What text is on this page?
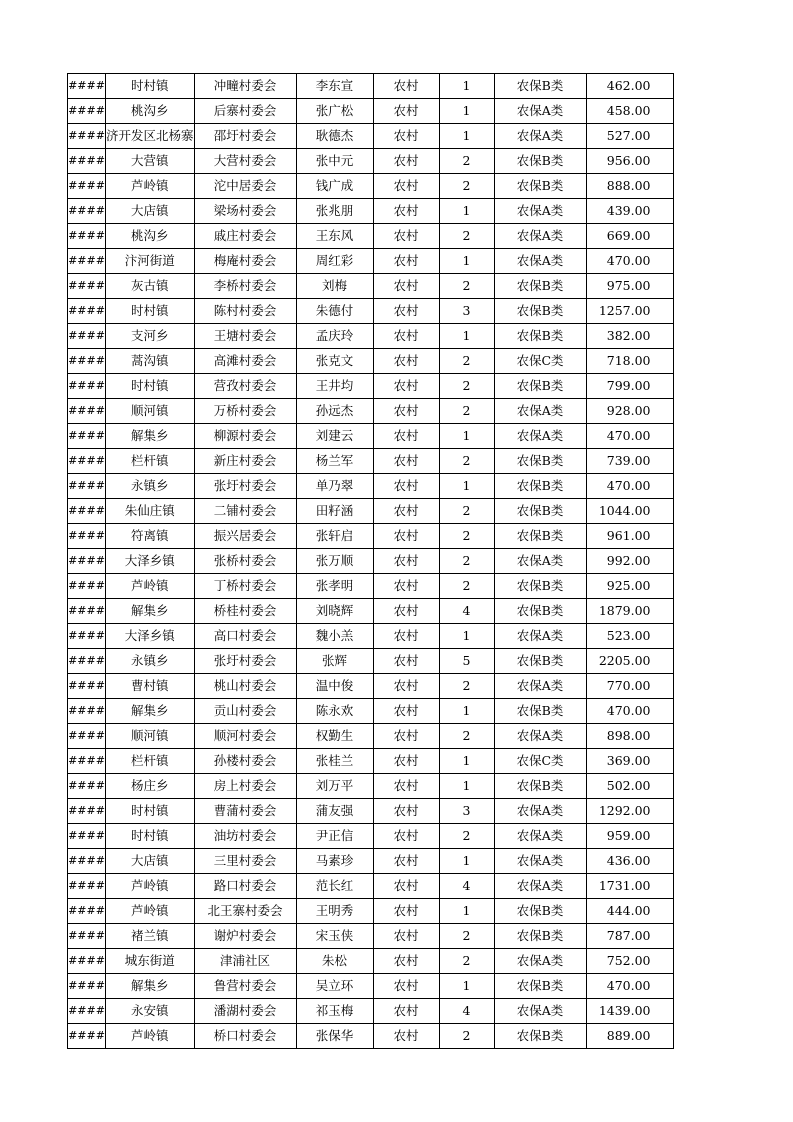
####	时村镇	冲疃村委会	李东宣	农村	1	农保B类	462.00
####	桃沟乡	后寨村委会	张广松	农村	1	农保A类	458.00
####	济开发区北杨寨	邵圩村委会	耿德杰	农村	1	农保A类	527.00
####	大营镇	大营村委会	张中元	农村	2	农保B类	956.00
####	芦岭镇	沱中居委会	钱广成	农村	2	农保B类	888.00
####	大店镇	梁场村委会	张兆朋	农村	1	农保A类	439.00
####	桃沟乡	戚庄村委会	王东风	农村	2	农保A类	669.00
####	汴河街道	梅庵村委会	周红彩	农村	1	农保A类	470.00
####	灰古镇	李桥村委会	刘梅	农村	2	农保B类	975.00
####	时村镇	陈村村委会	朱德付	农村	3	农保B类	1257.00
####	支河乡	王塘村委会	孟庆玲	农村	1	农保B类	382.00
####	蒿沟镇	高滩村委会	张克文	农村	2	农保C类	718.00
####	时村镇	营孜村委会	王井均	农村	2	农保B类	799.00
####	顺河镇	万桥村委会	孙远杰	农村	2	农保A类	928.00
####	解集乡	柳源村委会	刘建云	农村	1	农保A类	470.00
####	栏杆镇	新庄村委会	杨兰军	农村	2	农保B类	739.00
####	永镇乡	张圩村委会	单乃翠	农村	1	农保B类	470.00
####	朱仙庄镇	二铺村委会	田籽涵	农村	2	农保B类	1044.00
####	符离镇	振兴居委会	张轩启	农村	2	农保B类	961.00
####	大泽乡镇	张桥村委会	张万顺	农村	2	农保A类	992.00
####	芦岭镇	丁桥村委会	张孝明	农村	2	农保B类	925.00
####	解集乡	桥桂村委会	刘晓辉	农村	4	农保B类	1879.00
####	大泽乡镇	高口村委会	魏小羔	农村	1	农保A类	523.00
####	永镇乡	张圩村委会	张辉	农村	5	农保B类	2205.00
####	曹村镇	桃山村委会	温中俊	农村	2	农保A类	770.00
####	解集乡	贡山村委会	陈永欢	农村	1	农保B类	470.00
####	顺河镇	顺河村委会	权勤生	农村	2	农保A类	898.00
####	栏杆镇	孙楼村委会	张桂兰	农村	1	农保C类	369.00
####	杨庄乡	房上村委会	刘万平	农村	1	农保B类	502.00
####	时村镇	曹蒲村委会	蒲友强	农村	3	农保A类	1292.00
####	时村镇	油坊村委会	尹正信	农村	2	农保A类	959.00
####	大店镇	三里村委会	马素珍	农村	1	农保A类	436.00
####	芦岭镇	路口村委会	范长红	农村	4	农保A类	1731.00
####	芦岭镇	北王寨村委会	王明秀	农村	1	农保B类	444.00
####	褚兰镇	谢炉村委会	宋玉侠	农村	2	农保B类	787.00
####	城东街道	津浦社区	朱松	农村	2	农保A类	752.00
####	解集乡	鲁营村委会	吴立环	农村	1	农保B类	470.00
####	永安镇	潘湖村委会	祁玉梅	农村	4	农保A类	1439.00
####	芦岭镇	桥口村委会	张保华	农村	2	农保B类	889.00
